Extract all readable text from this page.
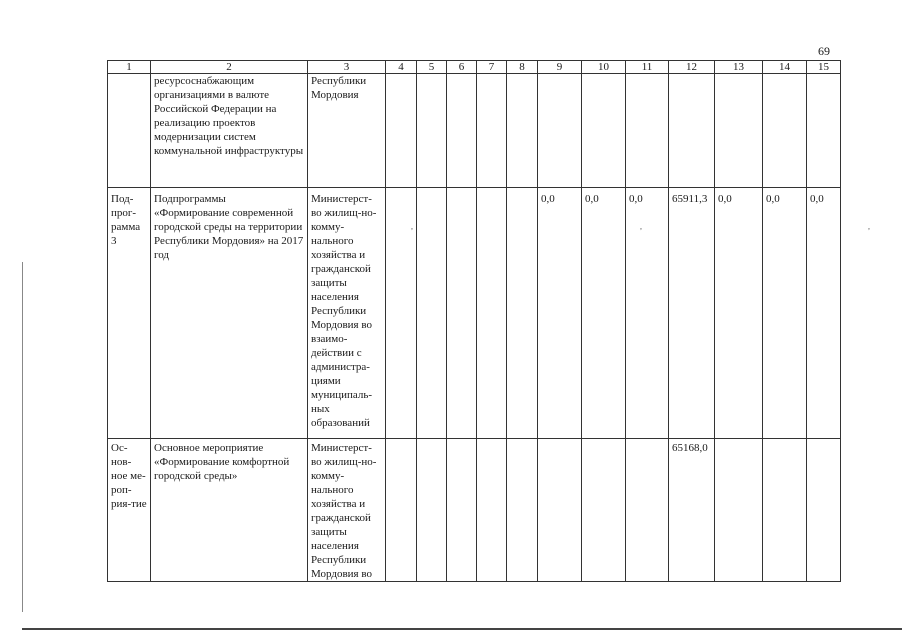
69
1	2	3	4	5	6	7	8	9	10	11	12	13	14	15
	ресурсоснабжающим организациями в валюте Российской Федерации на реализацию проектов модернизации систем коммунальной инфраструктуры	Республики Мордовия												
Под-прог-рамма 3	Подпрограммы «Формирование современной городской среды на территории Республики Мордовия» на 2017 год	Министерст-во жилищ-но-комму-нального хозяйства и гражданской защиты населения Республики Мордовия во взаимо-действии с администра-циями муниципаль-ных образований						0,0	0,0	0,0	65911,3	0,0	0,0	0,0
Ос-нов-ное ме-роп-рия-тие	Основное мероприятие «Формирование комфортной городской среды»	Министерст-во жилищ-но-комму-нального хозяйства и гражданской защиты населения Республики Мордовия во									65168,0			
,	,	,
